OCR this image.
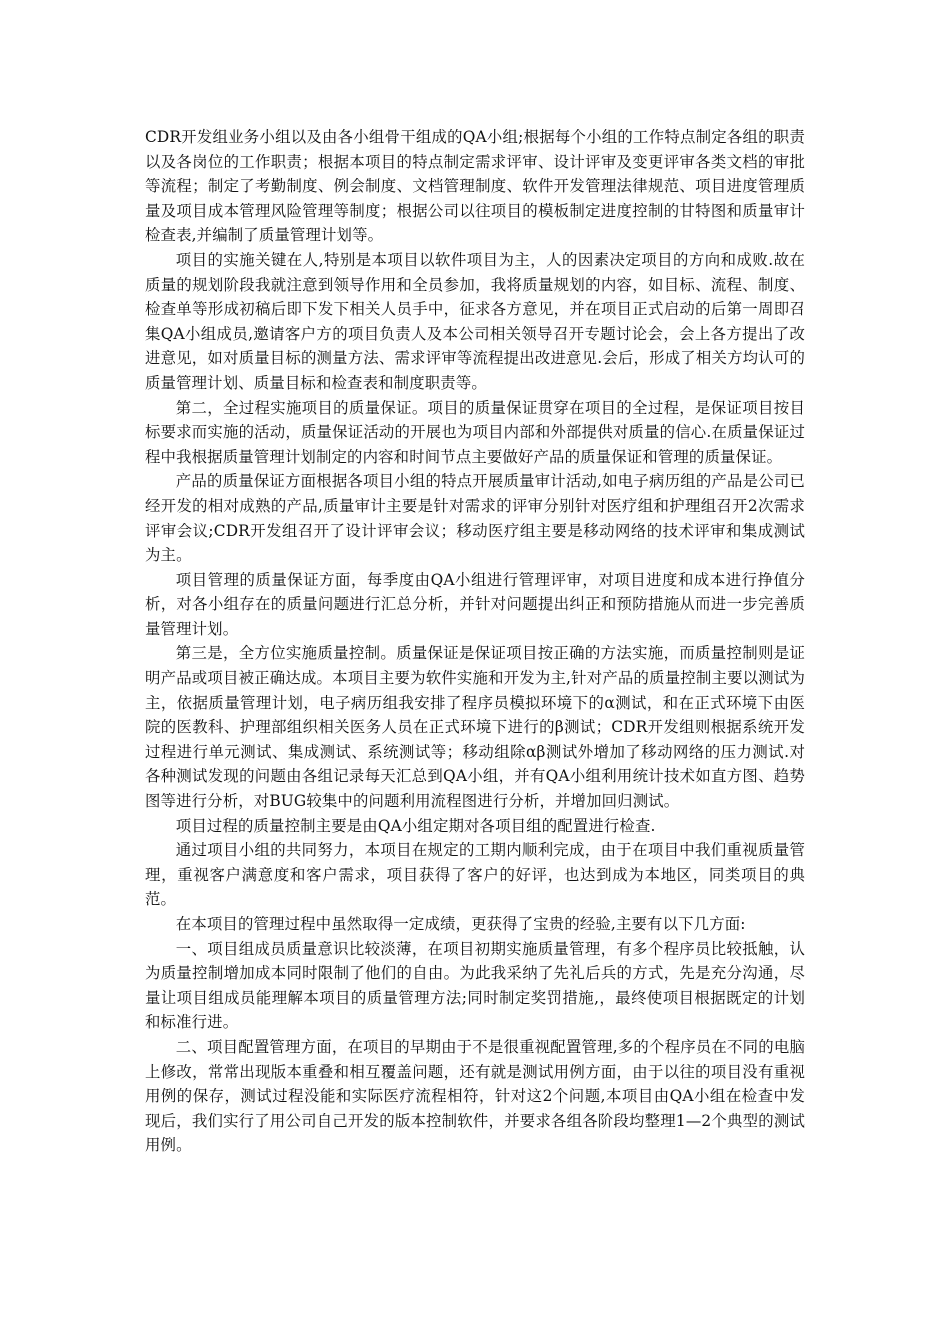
CDR开发组业务小组以及由各小组骨干组成的QA小组;根据每个小组的工作特点制定各组的职责以及各岗位的工作职责；根据本项目的特点制定需求评审、设计评审及变更评审各类文档的审批等流程；制定了考勤制度、例会制度、文档管理制度、软件开发管理法律规范、项目进度管理质量及项目成本管理风险管理等制度；根据公司以往项目的模板制定进度控制的甘特图和质量审计检查表,并编制了质量管理计划等。

项目的实施关键在人,特别是本项目以软件项目为主，人的因素决定项目的方向和成败.故在质量的规划阶段我就注意到领导作用和全员参加，我将质量规划的内容，如目标、流程、制度、检查单等形成初稿后即下发下相关人员手中，征求各方意见，并在项目正式启动的后第一周即召集QA小组成员,邀请客户方的项目负责人及本公司相关领导召开专题讨论会，会上各方提出了改进意见，如对质量目标的测量方法、需求评审等流程提出改进意见.会后，形成了相关方均认可的质量管理计划、质量目标和检查表和制度职责等。

第二，全过程实施项目的质量保证。项目的质量保证贯穿在项目的全过程，是保证项目按目标要求而实施的活动，质量保证活动的开展也为项目内部和外部提供对质量的信心.在质量保证过程中我根据质量管理计划制定的内容和时间节点主要做好产品的质量保证和管理的质量保证。

产品的质量保证方面根据各项目小组的特点开展质量审计活动,如电子病历组的产品是公司已经开发的相对成熟的产品,质量审计主要是针对需求的评审分别针对医疗组和护理组召开2次需求评审会议;CDR开发组召开了设计评审会议；移动医疗组主要是移动网络的技术评审和集成测试为主。

项目管理的质量保证方面，每季度由QA小组进行管理评审，对项目进度和成本进行挣值分析，对各小组存在的质量问题进行汇总分析，并针对问题提出纠正和预防措施从而进一步完善质量管理计划。

第三是，全方位实施质量控制。质量保证是保证项目按正确的方法实施，而质量控制则是证明产品或项目被正确达成。本项目主要为软件实施和开发为主,针对产品的质量控制主要以测试为主，依据质量管理计划，电子病历组我安排了程序员模拟环境下的α测试，和在正式环境下由医院的医教科、护理部组织相关医务人员在正式环境下进行的β测试；CDR开发组则根据系统开发过程进行单元测试、集成测试、系统测试等；移动组除αβ测试外增加了移动网络的压力测试.对各种测试发现的问题由各组记录每天汇总到QA小组，并有QA小组利用统计技术如直方图、趋势图等进行分析，对BUG较集中的问题利用流程图进行分析，并增加回归测试。

项目过程的质量控制主要是由QA小组定期对各项目组的配置进行检查.

通过项目小组的共同努力，本项目在规定的工期内顺利完成，由于在项目中我们重视质量管理，重视客户满意度和客户需求，项目获得了客户的好评，也达到成为本地区，同类项目的典范。

在本项目的管理过程中虽然取得一定成绩，更获得了宝贵的经验,主要有以下几方面:

一、项目组成员质量意识比较淡薄，在项目初期实施质量管理，有多个程序员比较抵触，认为质量控制增加成本同时限制了他们的自由。为此我采纳了先礼后兵的方式，先是充分沟通，尽量让项目组成员能理解本项目的质量管理方法;同时制定奖罚措施,，最终使项目根据既定的计划和标准行进。

二、项目配置管理方面，在项目的早期由于不是很重视配置管理,多的个程序员在不同的电脑上修改，常常出现版本重叠和相互覆盖问题，还有就是测试用例方面，由于以往的项目没有重视用例的保存，测试过程没能和实际医疗流程相符，针对这2个问题,本项目由QA小组在检查中发现后，我们实行了用公司自己开发的版本控制软件，并要求各组各阶段均整理1—2个典型的测试用例。
